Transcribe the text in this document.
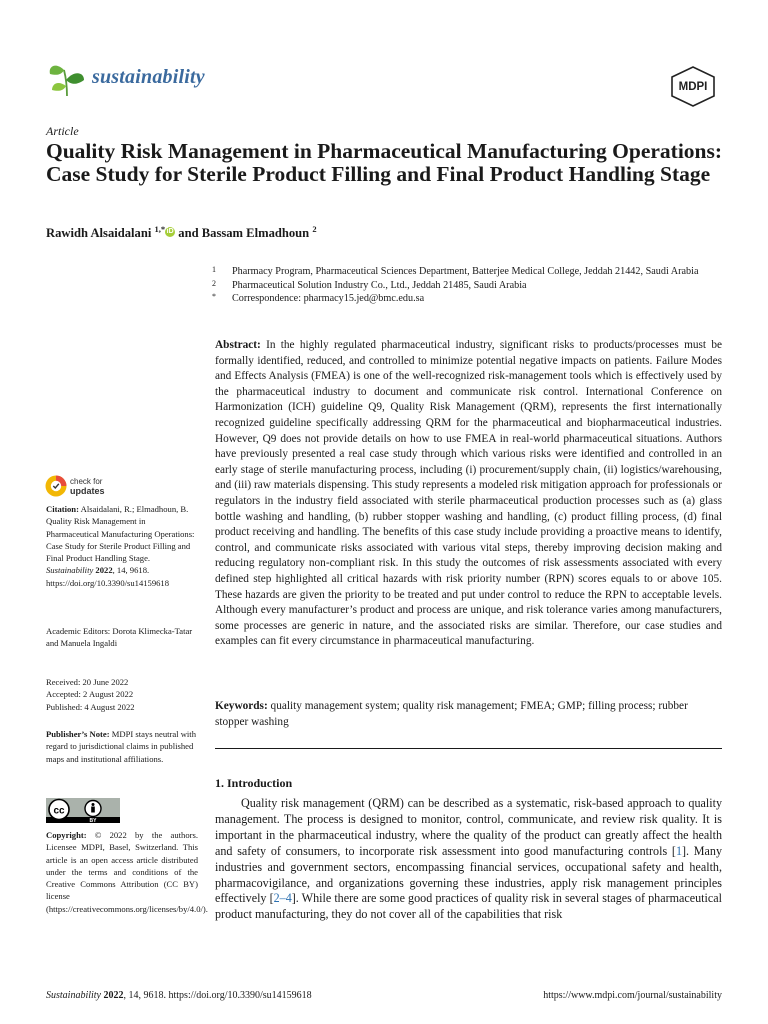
sustainability	MDPI
Article
Quality Risk Management in Pharmaceutical Manufacturing Operations: Case Study for Sterile Product Filling and Final Product Handling Stage
Rawidh Alsaidalani $^{1,*}$ iD and Bassam Elmadhoun $^2$
1	Pharmacy Program, Pharmaceutical Sciences Department, Batterjee Medical College, Jeddah 21442, Saudi Arabia
2	Pharmaceutical Solution Industry Co., Ltd., Jeddah 21485, Saudi Arabia
*	Correspondence: pharmacy15.jed@bmc.edu.sa
Abstract: In the highly regulated pharmaceutical industry, significant risks to products/processes must be formally identified, reduced, and controlled to minimize potential negative impacts on patients. Failure Modes and Effects Analysis (FMEA) is one of the well-recognized risk-management tools which is effectively used by the pharmaceutical industry to document and communicate risk control. International Conference on Harmonization (ICH) guideline Q9, Quality Risk Management (QRM), represents the first internationally recognized guideline specifically addressing QRM for the pharmaceutical and biopharmaceutical industries. However, Q9 does not provide details on how to use FMEA in real-world pharmaceutical situations. Authors have previously presented a real case study through which various risks were identified and controlled in an early stage of sterile manufacturing process, including (i) procurement/supply chain, (ii) logistics/warehousing, and (iii) raw materials dispensing. This study represents a modeled risk mitigation approach for professionals or regulators in the industry field associated with sterile pharmaceutical production processes such as (a) glass bottle washing and handling, (b) rubber stopper washing and handling, (c) product filling process, (d) final product receiving and handling. The benefits of this case study include providing a proactive means to identify, control, and communicate risks associated with various vital steps, thereby improving decision making and reducing regulatory non-compliant risk. In this study the outcomes of risk assessments associated with every defined step highlighted all critical hazards with risk priority number (RPN) scores equals to or above 105. These hazards are given the priority to be treated and put under control to reduce the RPN to acceptable levels. Although every manufacturer’s product and process are unique, and risk tolerance varies among manufacturers, some processes are generic in nature, and the associated risks are similar. Therefore, our case studies and examples can fit every circumstance in pharmaceutical manufacturing.
Keywords: quality management system; quality risk management; FMEA; GMP; filling process; rubber stopper washing
1. Introduction
Quality risk management (QRM) can be described as a systematic, risk-based approach to quality management. The process is designed to monitor, control, communicate, and review risk quality. It is important in the pharmaceutical industry, where the quality of the product can greatly affect the health and safety of consumers, to incorporate risk assessment into good manufacturing controls [1]. Many industries and government sectors, encompassing financial services, occupational safety and health, pharmacovigilance, and organizations governing these industries, apply risk management principles effectively [2–4]. While there are some good practices of quality risk in several stages of pharmaceutical product manufacturing, they do not cover all of the capabilities that risk
check for
updates
Citation: Alsaidalani, R.; Elmadhoun, B. Quality Risk Management in Pharmaceutical Manufacturing Operations: Case Study for Sterile Product Filling and Final Product Handling Stage. Sustainability 2022, 14, 9618. https://doi.org/10.3390/su14159618
Academic Editors: Dorota Klimecka-Tatar and Manuela Ingaldi
Received: 20 June 2022
Accepted: 2 August 2022
Published: 4 August 2022
Publisher’s Note: MDPI stays neutral with regard to jurisdictional claims in published maps and institutional affiliations.
cc
BY
Copyright: © 2022 by the authors. Licensee MDPI, Basel, Switzerland. This article is an open access article distributed under the terms and conditions of the Creative Commons Attribution (CC BY) license (https://creativecommons.org/licenses/by/4.0/).
Sustainability 2022, 14, 9618. https://doi.org/10.3390/su14159618	https://www.mdpi.com/journal/sustainability
